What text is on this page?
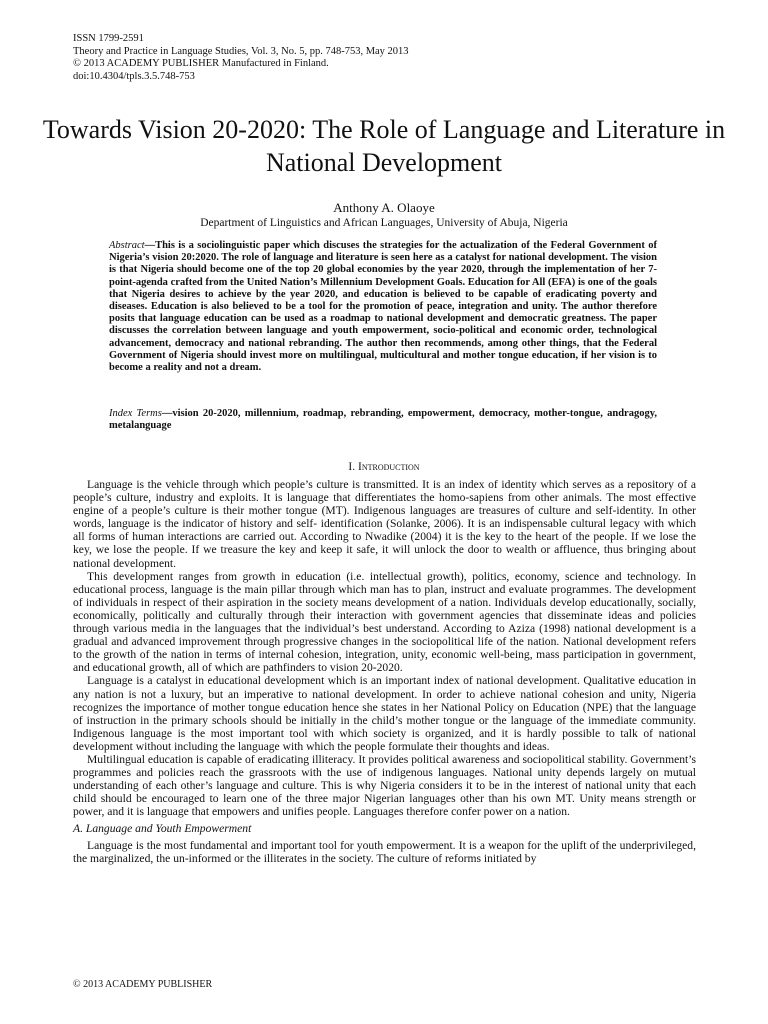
ISSN 1799-2591
Theory and Practice in Language Studies, Vol. 3, No. 5, pp. 748-753, May 2013
© 2013 ACADEMY PUBLISHER Manufactured in Finland.
doi:10.4304/tpls.3.5.748-753
Towards Vision 20-2020: The Role of Language and Literature in National Development
Anthony A. Olaoye
Department of Linguistics and African Languages, University of Abuja, Nigeria

Abstract—This is a sociolinguistic paper which discuses the strategies for the actualization of the Federal Government of Nigeria’s vision 20:2020. The role of language and literature is seen here as a catalyst for national development. The vision is that Nigeria should become one of the top 20 global economies by the year 2020, through the implementation of her 7-point-agenda crafted from the United Nation’s Millennium Development Goals. Education for All (EFA) is one of the goals that Nigeria desires to achieve by the year 2020, and education is believed to be capable of eradicating poverty and diseases. Education is also believed to be a tool for the promotion of peace, integration and unity. The author therefore posits that language education can be used as a roadmap to national development and democratic greatness. The paper discusses the correlation between language and youth empowerment, socio-political and economic order, technological advancement, democracy and national rebranding. The author then recommends, among other things, that the Federal Government of Nigeria should invest more on multilingual, multicultural and mother tongue education, if her vision is to become a reality and not a dream.

Index Terms—vision 20-2020, millennium, roadmap, rebranding, empowerment, democracy, mother-tongue, andragogy, metalanguage

I. Introduction

Language is the vehicle through which people’s culture is transmitted. It is an index of identity which serves as a repository of a people’s culture, industry and exploits. It is language that differentiates the homo-sapiens from other animals. The most effective engine of a people’s culture is their mother tongue (MT). Indigenous languages are treasures of culture and self-identity. In other words, language is the indicator of history and self- identification (Solanke, 2006). It is an indispensable cultural legacy with which all forms of human interactions are carried out. According to Nwadike (2004) it is the key to the heart of the people. If we lose the key, we lose the people. If we treasure the key and keep it safe, it will unlock the door to wealth or affluence, thus bringing about national development.

This development ranges from growth in education (i.e. intellectual growth), politics, economy, science and technology. In educational process, language is the main pillar through which man has to plan, instruct and evaluate programmes. The development of individuals in respect of their aspiration in the society means development of a nation. Individuals develop educationally, socially, economically, politically and culturally through their interaction with government agencies that disseminate ideas and policies through various media in the languages that the individual’s best understand. According to Aziza (1998) national development is a gradual and advanced improvement through progressive changes in the sociopolitical life of the nation. National development refers to the growth of the nation in terms of internal cohesion, integration, unity, economic well-being, mass participation in government, and educational growth, all of which are pathfinders to vision 20-2020.

Language is a catalyst in educational development which is an important index of national development. Qualitative education in any nation is not a luxury, but an imperative to national development. In order to achieve national cohesion and unity, Nigeria recognizes the importance of mother tongue education hence she states in her National Policy on Education (NPE) that the language of instruction in the primary schools should be initially in the child’s mother tongue or the language of the immediate community. Indigenous language is the most important tool with which society is organized, and it is hardly possible to talk of national development without including the language with which the people formulate their thoughts and ideas.

Multilingual education is capable of eradicating illiteracy. It provides political awareness and sociopolitical stability. Government’s programmes and policies reach the grassroots with the use of indigenous languages. National unity depends largely on mutual understanding of each other’s language and culture. This is why Nigeria considers it to be in the interest of national unity that each child should be encouraged to learn one of the three major Nigerian languages other than his own MT. Unity means strength or power, and it is language that empowers and unifies people. Languages therefore confer power on a nation.

A. Language and Youth Empowerment

Language is the most fundamental and important tool for youth empowerment. It is a weapon for the uplift of the underprivileged, the marginalized, the un-informed or the illiterates in the society. The culture of reforms initiated by

© 2013 ACADEMY PUBLISHER
